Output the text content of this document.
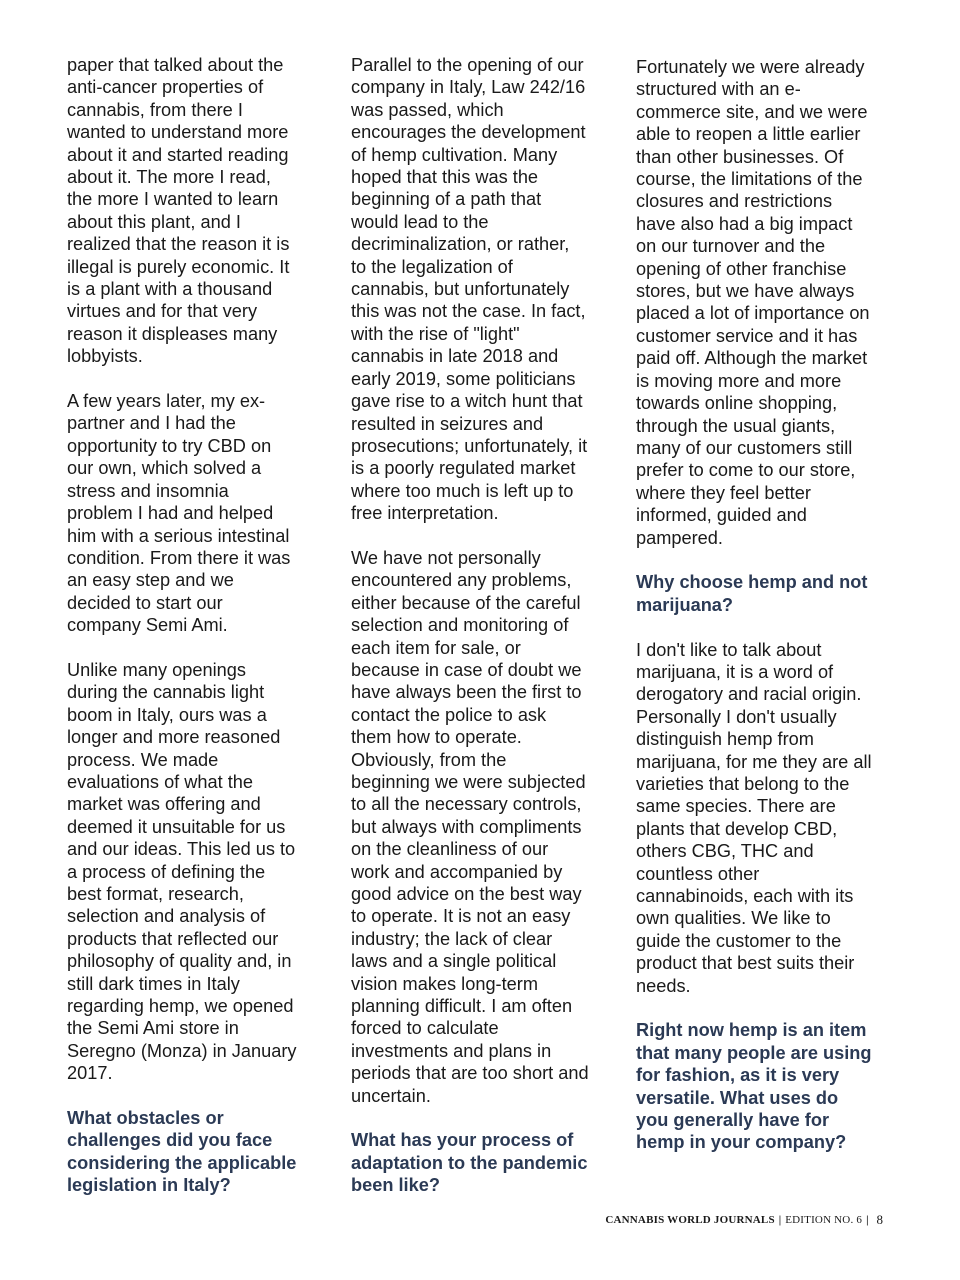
paper that talked about the
anti-cancer properties of
cannabis, from there I
wanted to understand more
about it and started reading
about it. The more I read,
the more I wanted to learn
about this plant, and I
realized that the reason it is
illegal is purely economic. It
is a plant with a thousand
virtues and for that very
reason it displeases many
lobbyists.

A few years later, my ex-
partner and I had the
opportunity to try CBD on
our own, which solved a
stress and insomnia
problem I had and helped
him with a serious intestinal
condition. From there it was
an easy step and we
decided to start our
company Semi Ami.

Unlike many openings
during the cannabis light
boom in Italy, ours was a
longer and more reasoned
process. We made
evaluations of what the
market was offering and
deemed it unsuitable for us
and our ideas. This led us to
a process of defining the
best format, research,
selection and analysis of
products that reflected our
philosophy of quality and, in
still dark times in Italy
regarding hemp, we opened
the Semi Ami store in
Seregno (Monza) in January
2017.

What obstacles or
challenges did you face
considering the applicable
legislation in Italy?

Parallel to the opening of our
company in Italy, Law 242/16
was passed, which
encourages the development
of hemp cultivation. Many
hoped that this was the
beginning of a path that
would lead to the
decriminalization, or rather,
to the legalization of
cannabis, but unfortunately
this was not the case. In fact,
with the rise of "light"
cannabis in late 2018 and
early 2019, some politicians
gave rise to a witch hunt that
resulted in seizures and
prosecutions; unfortunately, it
is a poorly regulated market
where too much is left up to
free interpretation.

We have not personally
encountered any problems,
either because of the careful
selection and monitoring of
each item for sale, or
because in case of doubt we
have always been the first to
contact the police to ask
them how to operate.
Obviously, from the
beginning we were subjected
to all the necessary controls,
but always with compliments
on the cleanliness of our
work and accompanied by
good advice on the best way
to operate. It is not an easy
industry; the lack of clear
laws and a single political
vision makes long-term
planning difficult. I am often
forced to calculate
investments and plans in
periods that are too short and
uncertain.

What has your process of
adaptation to the pandemic
been like?

Fortunately we were already
structured with an e-
commerce site, and we were
able to reopen a little earlier
than other businesses. Of
course, the limitations of the
closures and restrictions
have also had a big impact
on our turnover and the
opening of other franchise
stores, but we have always
placed a lot of importance on
customer service and it has
paid off. Although the market
is moving more and more
towards online shopping,
through the usual giants,
many of our customers still
prefer to come to our store,
where they feel better
informed, guided and
pampered.

Why choose hemp and not
marijuana?

I don't like to talk about
marijuana, it is a word of
derogatory and racial origin.
Personally I don't usually
distinguish hemp from
marijuana, for me they are all
varieties that belong to the
same species. There are
plants that develop CBD,
others CBG, THC and
countless other
cannabinoids, each with its
own qualities. We like to
guide the customer to the
product that best suits their
needs.

Right now hemp is an item
that many people are using
for fashion, as it is very
versatile. What uses do
you generally have for
hemp in your company?
CANNABIS WORLD JOURNALS | EDITION NO. 6 | 8
